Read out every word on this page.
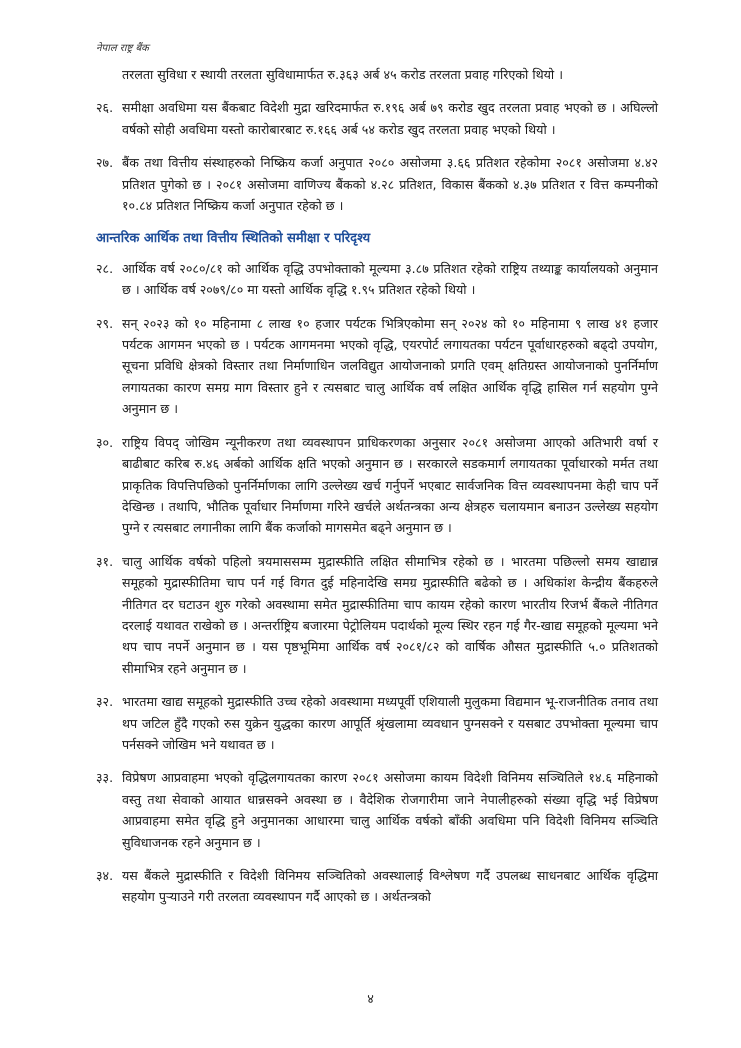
नेपाल राष्ट्र बैंक

तरलता सुविधा र स्थायी तरलता सुविधामार्फत रु.३६३ अर्ब ४५ करोड तरलता प्रवाह गरिएको थियो ।

२६. समीक्षा अवधिमा यस बैंकबाट विदेशी मुद्रा खरिदमार्फत रु.१९६ अर्ब ७९ करोड खुद तरलता प्रवाह भएको छ । अघिल्लो वर्षको सोही अवधिमा यस्तो कारोबारबाट रु.१६६ अर्ब ५४ करोड खुद तरलता प्रवाह भएको थियो ।
२७. बैंक तथा वित्तीय संस्थाहरुको निष्क्रिय कर्जा अनुपात २०८० असोजमा ३.६६ प्रतिशत रहेकोमा २०८१ असोजमा ४.४२ प्रतिशत पुगेको छ । २०८१ असोजमा वाणिज्य बैंकको ४.२८ प्रतिशत, विकास बैंकको ४.३७ प्रतिशत र वित्त कम्पनीको १०.८४ प्रतिशत निष्क्रिय कर्जा अनुपात रहेको छ ।
आन्तरिक आर्थिक तथा वित्तीय स्थितिको समीक्षा र परिदृश्य
२८. आर्थिक वर्ष २०८०/८१ को आर्थिक वृद्धि उपभोक्ताको मूल्यमा ३.८७ प्रतिशत रहेको राष्ट्रिय तथ्याङ्क कार्यालयको अनुमान छ । आर्थिक वर्ष २०७९/८० मा यस्तो आर्थिक वृद्धि १.९५ प्रतिशत रहेको थियो ।
२९. सन् २०२३ को १० महिनामा ८ लाख १० हजार पर्यटक भित्रिएकोमा सन् २०२४ को १० महिनामा ९ लाख ४१ हजार पर्यटक आगमन भएको छ । पर्यटक आगमनमा भएको वृद्धि, एयरपोर्ट लगायतका पर्यटन पूर्वाधारहरुको बढ्दो उपयोग, सूचना प्रविधि क्षेत्रको विस्तार तथा निर्माणाधिन जलविद्युत आयोजनाको प्रगति एवम् क्षतिग्रस्त आयोजनाको पुनर्निर्माण लगायतका कारण समग्र माग विस्तार हुने र त्यसबाट चालु आर्थिक वर्ष लक्षित आर्थिक वृद्धि हासिल गर्न सहयोग पुग्ने अनुमान छ ।
३०. राष्ट्रिय विपद् जोखिम न्यूनीकरण तथा व्यवस्थापन प्राधिकरणका अनुसार २०८१ असोजमा आएको अतिभारी वर्षा र बाढीबाट करिब रु.४६ अर्बको आर्थिक क्षति भएको अनुमान छ । सरकारले सडकमार्ग लगायतका पूर्वाधारको मर्मत तथा प्राकृतिक विपत्तिपछिको पुनर्निर्माणका लागि उल्लेख्य खर्च गर्नुपर्ने भएबाट सार्वजनिक वित्त व्यवस्थापनमा केही चाप पर्ने देखिन्छ । तथापि, भौतिक पूर्वाधार निर्माणमा गरिने खर्चले अर्थतन्त्रका अन्य क्षेत्रहरु चलायमान बनाउन उल्लेख्य सहयोग पुग्ने र त्यसबाट लगानीका लागि बैंक कर्जाको मागसमेत बढ्ने अनुमान छ ।
३१. चालु आर्थिक वर्षको पहिलो त्रयमाससम्म मुद्रास्फीति लक्षित सीमाभित्र रहेको छ । भारतमा पछिल्लो समय खाद्यान्न समूहको मुद्रास्फीतिमा चाप पर्न गई विगत दुई महिनादेखि समग्र मुद्रास्फीति बढेको छ । अधिकांश केन्द्रीय बैंकहरुले नीतिगत दर घटाउन शुरु गरेको अवस्थामा समेत मुद्रास्फीतिमा चाप कायम रहेको कारण भारतीय रिजर्भ बैंकले नीतिगत दरलाई यथावत राखेको छ । अन्तर्राष्ट्रिय बजारमा पेट्रोलियम पदार्थको मूल्य स्थिर रहन गई गैर-खाद्य समूहको मूल्यमा भने थप चाप नपर्ने अनुमान छ । यस पृष्ठभूमिमा आर्थिक वर्ष २०८१/८२ को वार्षिक औसत मुद्रास्फीति ५.० प्रतिशतको सीमाभित्र रहने अनुमान छ ।
३२. भारतमा खाद्य समूहको मुद्रास्फीति उच्च रहेको अवस्थामा मध्यपूर्वी एशियाली मुलुकमा विद्यमान भू-राजनीतिक तनाव तथा थप जटिल हुँदै गएको रुस युक्रेन युद्धका कारण आपूर्ति श्रृंखलामा व्यवधान पुग्नसक्ने र यसबाट उपभोक्ता मूल्यमा चाप पर्नसक्ने जोखिम भने यथावत छ ।
३३. विप्रेषण आप्रवाहमा भएको वृद्धिलगायतका कारण २०८१ असोजमा कायम विदेशी विनिमय सञ्चितिले १४.६ महिनाको वस्तु तथा सेवाको आयात धान्नसक्ने अवस्था छ । वैदेशिक रोजगारीमा जाने नेपालीहरुको संख्या वृद्धि भई विप्रेषण आप्रवाहमा समेत वृद्धि हुने अनुमानका आधारमा चालु आर्थिक वर्षको बाँकी अवधिमा पनि विदेशी विनिमय सञ्चिति सुविधाजनक रहने अनुमान छ ।
३४. यस बैंकले मुद्रास्फीति र विदेशी विनिमय सञ्चितिको अवस्थालाई विश्लेषण गर्दै उपलब्ध साधनबाट आर्थिक वृद्धिमा सहयोग पुर्‍याउने गरी तरलता व्यवस्थापन गर्दै आएको छ । अर्थतन्त्रको
४
